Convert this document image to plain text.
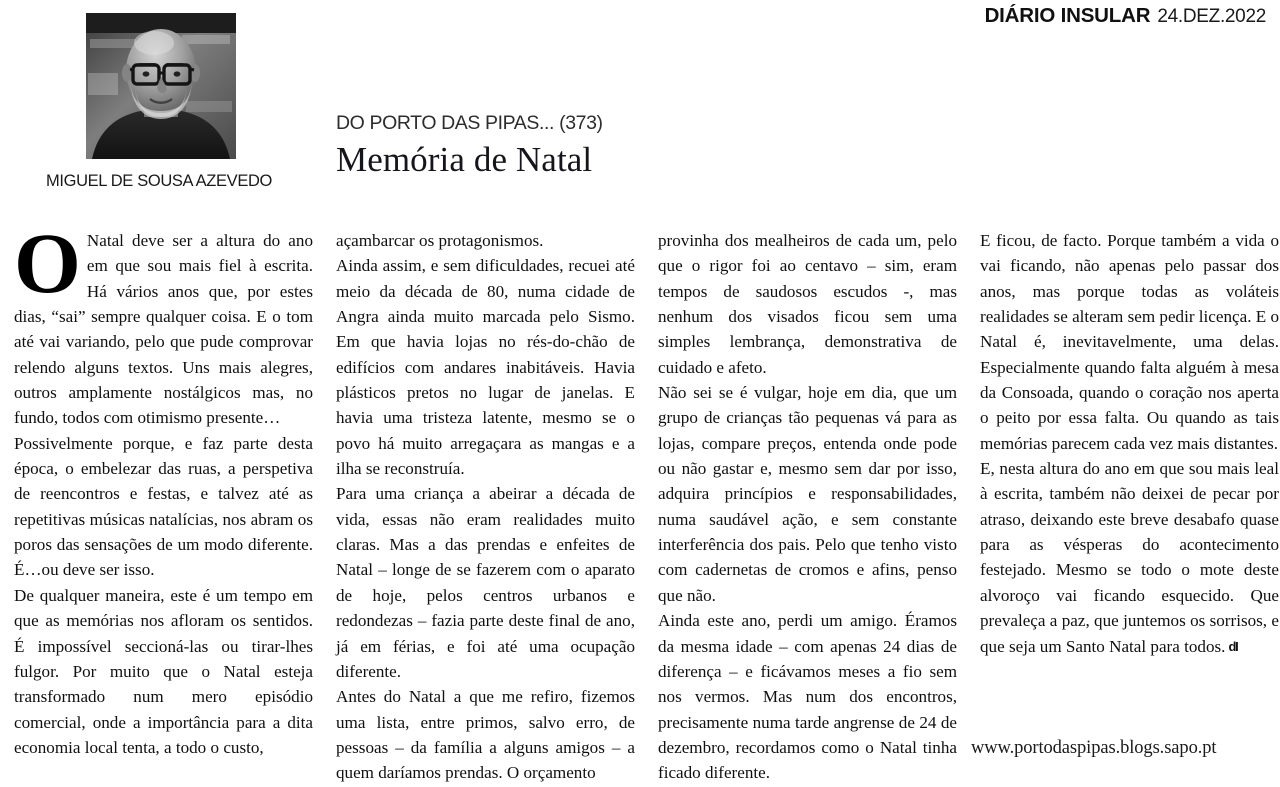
DIÁRIO INSULAR 24.DEZ.2022
MIGUEL DE SOUSA AZEVEDO
DO PORTO DAS PIPAS... (373)
Memória de Natal

ONatal deve ser a altura do ano em que sou mais fiel à escrita. Há vários anos que, por estes dias, “sai” sempre qualquer coisa. E o tom até vai variando, pelo que pude comprovar relendo alguns textos. Uns mais alegres, outros amplamente nostálgicos mas, no fundo, todos com otimismo presente…

Possivelmente porque, e faz parte desta época, o embelezar das ruas, a perspetiva de reencontros e festas, e talvez até as repetitivas músicas natalícias, nos abram os poros das sensações de um modo diferente. É…ou deve ser isso.

De qualquer maneira, este é um tempo em que as memórias nos afloram os sentidos. É impossível seccioná-las ou tirar-lhes fulgor. Por muito que o Natal esteja transformado num mero episódio comercial, onde a importância para a dita economia local tenta, a todo o custo,

açambarcar os protagonismos.

Ainda assim, e sem dificuldades, recuei até meio da década de 80, numa cidade de Angra ainda muito marcada pelo Sismo. Em que havia lojas no rés-do-chão de edifícios com andares inabitáveis. Havia plásticos pretos no lugar de janelas. E havia uma tristeza latente, mesmo se o povo há muito arregaçara as mangas e a ilha se reconstruía.

Para uma criança a abeirar a década de vida, essas não eram realidades muito claras. Mas a das prendas e enfeites de Natal – longe de se fazerem com o aparato de hoje, pelos centros urbanos e redondezas – fazia parte deste final de ano, já em férias, e foi até uma ocupação diferente.

Antes do Natal a que me refiro, fizemos uma lista, entre primos, salvo erro, de pessoas – da família a alguns amigos – a quem daríamos prendas. O orçamento

provinha dos mealheiros de cada um, pelo que o rigor foi ao centavo – sim, eram tempos de saudosos escudos -, mas nenhum dos visados ficou sem uma simples lembrança, demonstrativa de cuidado e afeto.

Não sei se é vulgar, hoje em dia, que um grupo de crianças tão pequenas vá para as lojas, compare preços, entenda onde pode ou não gastar e, mesmo sem dar por isso, adquira princípios e responsabilidades, numa saudável ação, e sem constante interferência dos pais. Pelo que tenho visto com cadernetas de cromos e afins, penso que não.

Ainda este ano, perdi um amigo. Éramos da mesma idade – com apenas 24 dias de diferença – e ficávamos meses a fio sem nos vermos. Mas num dos encontros, precisamente numa tarde angrense de 24 de dezembro, recordamos como o Natal tinha ficado diferente.

E ficou, de facto. Porque também a vida o vai ficando, não apenas pelo passar dos anos, mas porque todas as voláteis realidades se alteram sem pedir licença. E o Natal é, inevitavelmente, uma delas. Especialmente quando falta alguém à mesa da Consoada, quando o coração nos aperta o peito por essa falta. Ou quando as tais memórias parecem cada vez mais distantes.

E, nesta altura do ano em que sou mais leal à escrita, também não deixei de pecar por atraso, deixando este breve desabafo quase para as vésperas do acontecimento festejado. Mesmo se todo o mote deste alvoroço vai ficando esquecido. Que prevaleça a paz, que juntemos os sorrisos, e que seja um Santo Natal para todos. dI

www.portodaspipas.blogs.sapo.pt
